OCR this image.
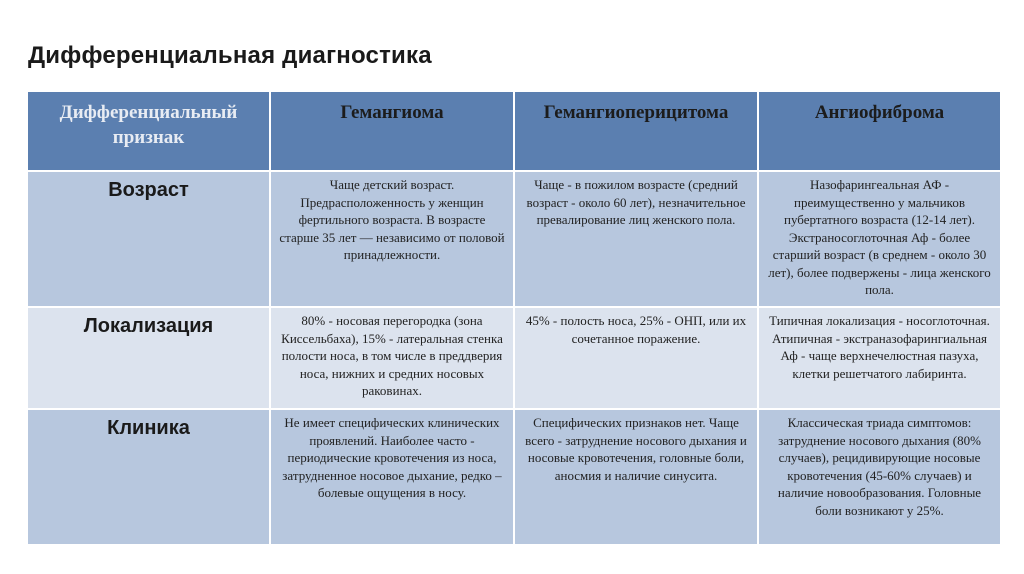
Дифференциальная диагностика
Дифференциальный признак	Гемангиома	Гемангиоперицитома	Ангиофиброма

Возраст	Чаще детский возраст. Предрасположенность у женщин фертильного возраста. В возрасте старше 35 лет — независимо от половой принадлежности.	Чаще - в пожилом возрасте (средний возраст - около 60 лет), незначительное превалирование лиц женского пола.	Назофарингеальная АФ - преимущественно у мальчиков пубертатного возраста (12-14 лет). Экстраносоглоточная Аф - более старший возраст (в среднем - около 30 лет), более подвержены - лица женского пола.
Локализация	80% - носовая перегородка (зона Киссельбаха), 15% - латеральная стенка полости носа, в том числе в преддверия носа, нижних и средних носовых раковинах.	45% - полость носа, 25% - ОНП, или их сочетанное поражение.	Типичная локализация - носоглоточная. Атипичная - экстраназофарингиальная Аф - чаще верхнечелюстная пазуха, клетки решетчатого лабиринта.
Клиника	Не имеет специфических клинических проявлений. Наиболее часто - периодические кровотечения из носа, затрудненное носовое дыхание, редко – болевые ощущения в носу.	Специфических признаков нет. Чаще всего - затруднение носового дыхания и носовые кровотечения, головные боли, аносмия и наличие синусита.	Классическая триада симптомов: затруднение носового дыхания (80% случаев), рецидивирующие носовые кровотечения (45-60% случаев) и наличие новообразования. Головные боли возникают у 25%.
